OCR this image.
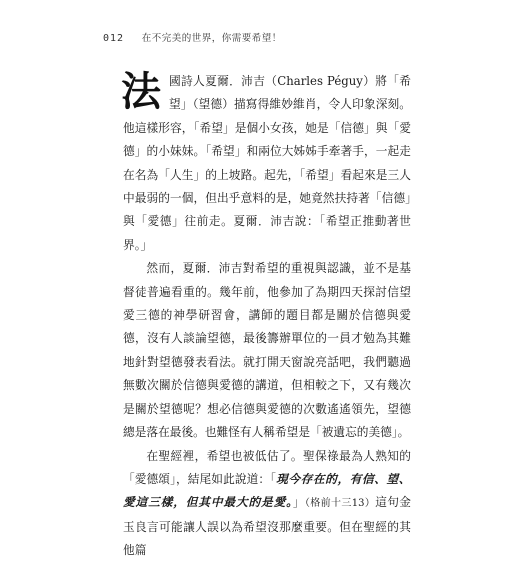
012 在不完美的世界，你需要希望！

法國詩人夏爾．沛吉（Charles Péguy）將「希望」（望德）描寫得維妙維肖，令人印象深刻。他這樣形容，「希望」是個小女孩，她是「信德」與「愛德」的小妹妹。「希望」和兩位大姊姊手牽著手，一起走在名為「人生」的上坡路。起先，「希望」看起來是三人中最弱的一個，但出乎意料的是，她竟然扶持著「信德」與「愛德」往前走。夏爾．沛吉說：「希望正推動著世界。」

然而，夏爾．沛吉對希望的重視與認識，並不是基督徒普遍看重的。幾年前，他參加了為期四天探討信望愛三德的神學研習會，講師的題目都是關於信德與愛德，沒有人談論望德，最後籌辦單位的一員才勉為其難地針對望德發表看法。就打開天窗說亮話吧，我們聽過無數次關於信德與愛德的講道，但相較之下，又有幾次是關於望德呢？想必信德與愛德的次數遙遙領先，望德總是落在最後。也難怪有人稱希望是「被遺忘的美德」。

在聖經裡，希望也被低估了。聖保祿最為人熟知的「愛德頌」，結尾如此說道：「現今存在的，有信、望、愛這三樣，但其中最大的是愛。」（格前十三13）這句金玉良言可能讓人誤以為希望沒那麼重要。但在聖經的其他篇
